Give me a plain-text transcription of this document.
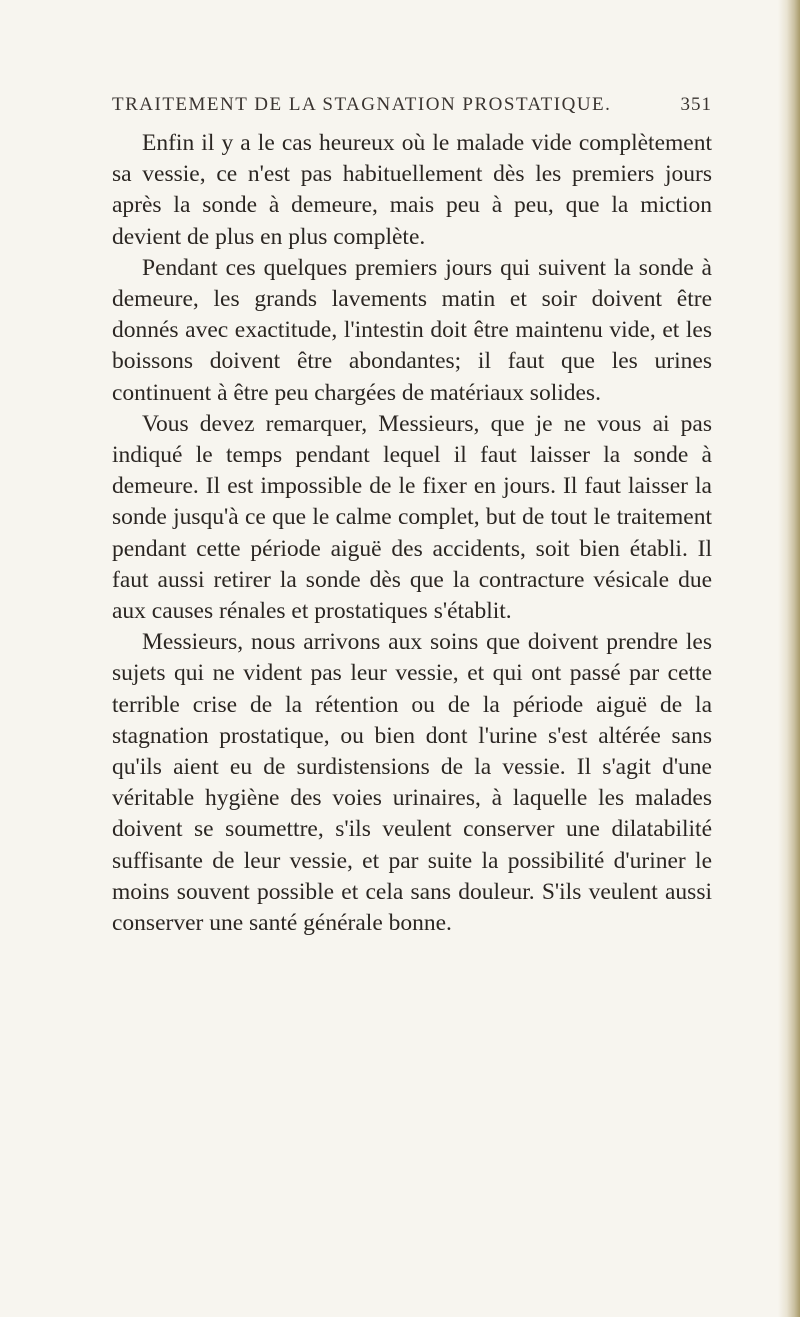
TRAITEMENT DE LA STAGNATION PROSTATIQUE.	351

Enfin il y a le cas heureux où le malade vide complètement sa vessie, ce n'est pas habituellement dès les premiers jours après la sonde à demeure, mais peu à peu, que la miction devient de plus en plus complète.

Pendant ces quelques premiers jours qui suivent la sonde à demeure, les grands lavements matin et soir doivent être donnés avec exactitude, l'intestin doit être maintenu vide, et les boissons doivent être abondantes; il faut que les urines continuent à être peu chargées de matériaux solides.

Vous devez remarquer, Messieurs, que je ne vous ai pas indiqué le temps pendant lequel il faut laisser la sonde à demeure. Il est impossible de le fixer en jours. Il faut laisser la sonde jusqu'à ce que le calme complet, but de tout le traitement pendant cette période aiguë des accidents, soit bien établi. Il faut aussi retirer la sonde dès que la contracture vésicale due aux causes rénales et prostatiques s'établit.

Messieurs, nous arrivons aux soins que doivent prendre les sujets qui ne vident pas leur vessie, et qui ont passé par cette terrible crise de la rétention ou de la période aiguë de la stagnation prostatique, ou bien dont l'urine s'est altérée sans qu'ils aient eu de surdistensions de la vessie. Il s'agit d'une véritable hygiène des voies urinaires, à laquelle les malades doivent se soumettre, s'ils veulent conserver une dilatabilité suffisante de leur vessie, et par suite la possibilité d'uriner le moins souvent possible et cela sans douleur. S'ils veulent aussi conserver une santé générale bonne.
